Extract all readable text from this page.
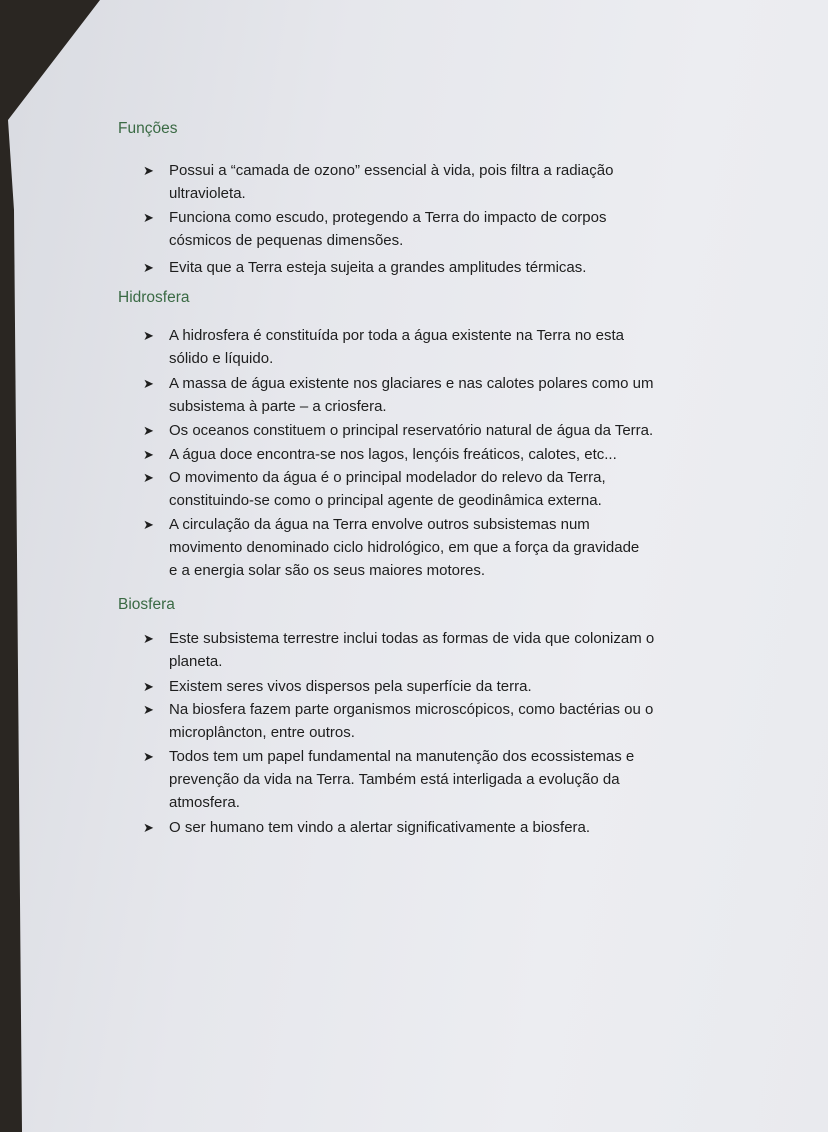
Funções
➤	Possui a “camada de ozono” essencial à vida, pois filtra a radiação
ultravioleta.
➤	Funciona como escudo, protegendo a Terra do impacto de corpos
cósmicos de pequenas dimensões.
➤	Evita que a Terra esteja sujeita a grandes amplitudes térmicas.
Hidrosfera
➤	A hidrosfera é constituída por toda a água existente na Terra no esta
sólido e líquido.
➤	A massa de água existente nos glaciares e nas calotes polares como um
subsistema à parte – a criosfera.
➤	Os oceanos constituem o principal reservatório natural de água da Terra.
➤	A água doce encontra-se nos lagos, lençóis freáticos, calotes, etc...
➤	O movimento da água é o principal modelador do relevo da Terra,
constituindo-se como o principal agente de geodinâmica externa.
➤	A circulação da água na Terra envolve outros subsistemas num
movimento denominado ciclo hidrológico, em que a força da gravidade
e a energia solar são os seus maiores motores.
Biosfera
➤	Este subsistema terrestre inclui todas as formas de vida que colonizam o
planeta.
➤	Existem seres vivos dispersos pela superfície da terra.
➤	Na biosfera fazem parte organismos microscópicos, como bactérias ou o
microplâncton, entre outros.
➤	Todos tem um papel fundamental na manutenção dos ecossistemas e
prevenção da vida na Terra. Também está interligada a evolução da
atmosfera.
➤	O ser humano tem vindo a alertar significativamente a biosfera.
